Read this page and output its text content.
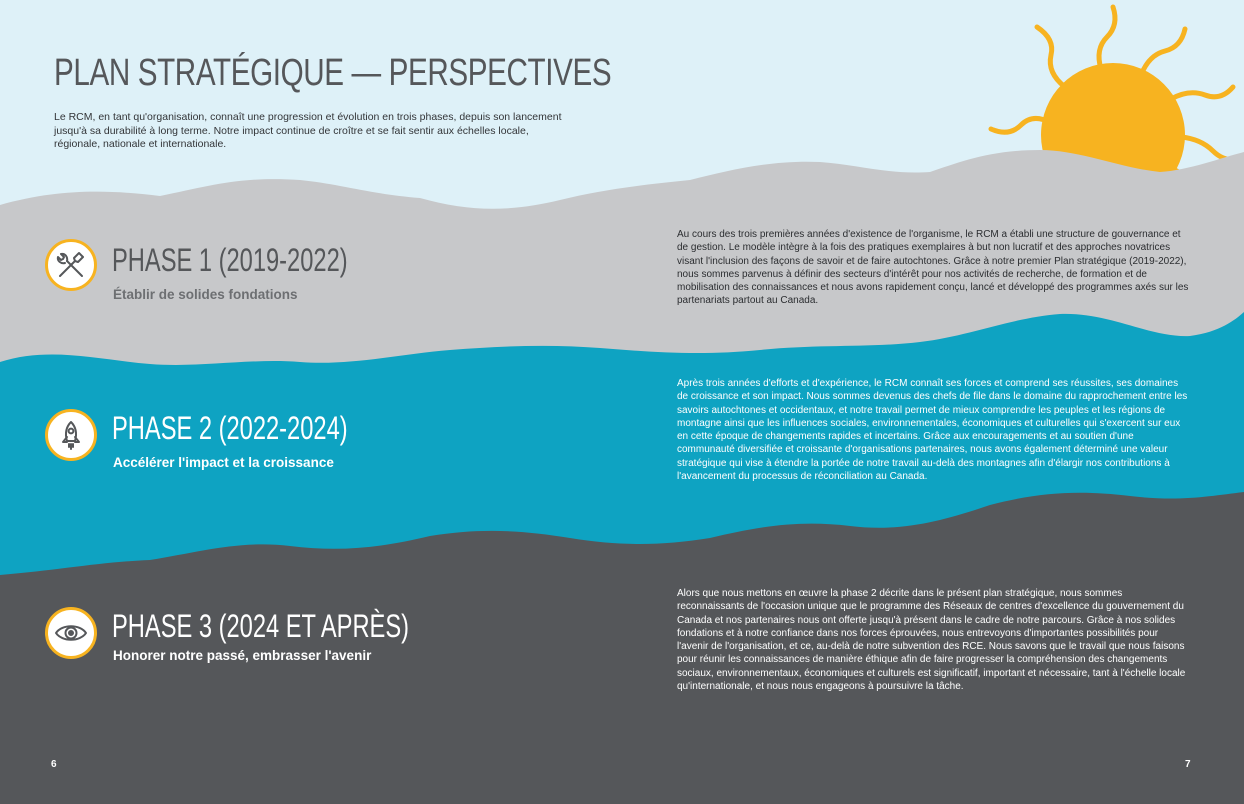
PLAN STRATÉGIQUE — PERSPECTIVES

Le RCM, en tant qu'organisation, connaît une progression et évolution en trois phases, depuis son lancement jusqu'à sa durabilité à long terme. Notre impact continue de croître et se fait sentir aux échelles locale, régionale, nationale et internationale.

PHASE 1 (2019-2022)

Établir de solides fondations

Au cours des trois premières années d'existence de l'organisme, le RCM a établi une structure de gouvernance et de gestion. Le modèle intègre à la fois des pratiques exemplaires à but non lucratif et des approches novatrices visant l'inclusion des façons de savoir et de faire autochtones. Grâce à notre premier Plan stratégique (2019-2022), nous sommes parvenus à définir des secteurs d'intérêt pour nos activités de recherche, de formation et de mobilisation des connaissances et nous avons rapidement conçu, lancé et développé des programmes axés sur les partenariats partout au Canada.

PHASE 2 (2022-2024)

Accélérer l'impact et la croissance

Après trois années d'efforts et d'expérience, le RCM connaît ses forces et comprend ses réussites, ses domaines de croissance et son impact. Nous sommes devenus des chefs de file dans le domaine du rapprochement entre les savoirs autochtones et occidentaux, et notre travail permet de mieux comprendre les peuples et les régions de montagne ainsi que les influences sociales, environnementales, économiques et culturelles qui s'exercent sur eux en cette époque de changements rapides et incertains. Grâce aux encouragements et au soutien d'une communauté diversifiée et croissante d'organisations partenaires, nous avons également déterminé une valeur stratégique qui vise à étendre la portée de notre travail au-delà des montagnes afin d'élargir nos contributions à l'avancement du processus de réconciliation au Canada.

PHASE 3 (2024 ET APRÈS)

Honorer notre passé, embrasser l'avenir

Alors que nous mettons en œuvre la phase 2 décrite dans le présent plan stratégique, nous sommes reconnaissants de l'occasion unique que le programme des Réseaux de centres d'excellence du gouvernement du Canada et nos partenaires nous ont offerte jusqu'à présent dans le cadre de notre parcours. Grâce à nos solides fondations et à notre confiance dans nos forces éprouvées, nous entrevoyons d'importantes possibilités pour l'avenir de l'organisation, et ce, au-delà de notre subvention des RCE. Nous savons que le travail que nous faisons pour réunir les connaissances de manière éthique afin de faire progresser la compréhension des changements sociaux, environnementaux, économiques et culturels est significatif, important et nécessaire, tant à l'échelle locale qu'internationale, et nous nous engageons à poursuivre la tâche.

6	7
